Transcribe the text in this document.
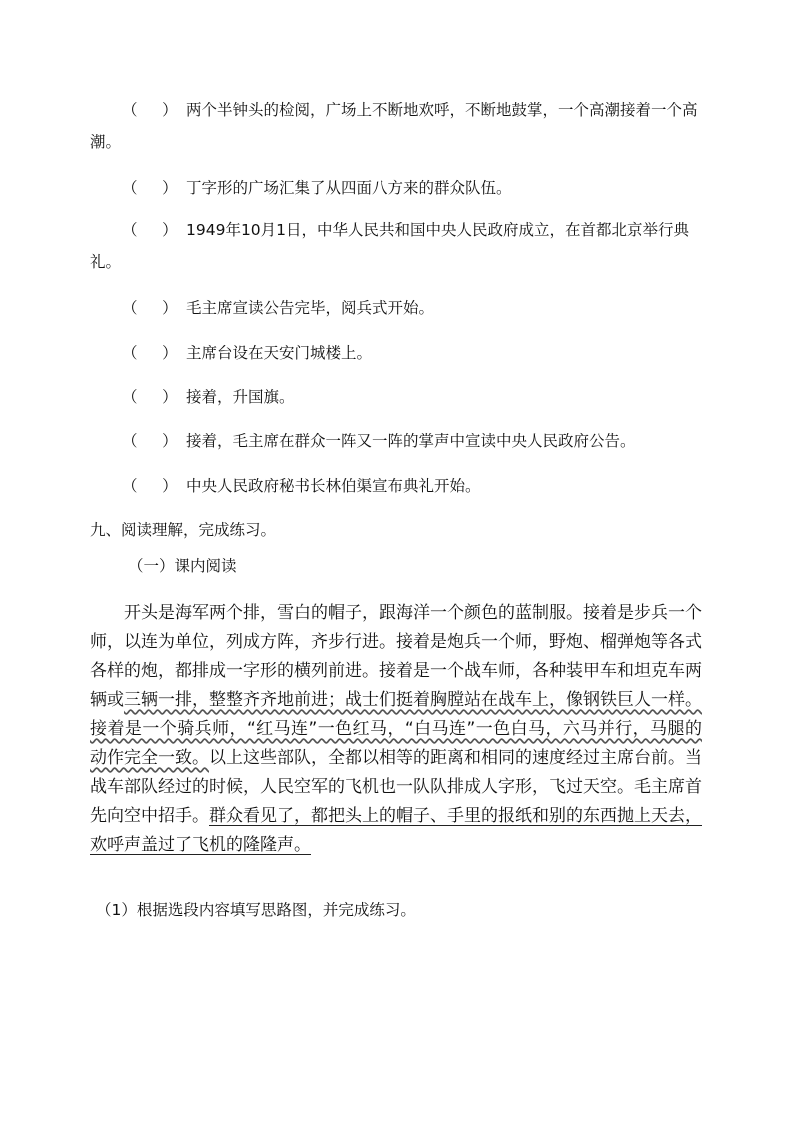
（     ） 两个半钟头的检阅，广场上不断地欢呼，不断地鼓掌，一个高潮接着一个高潮。

（     ） 丁字形的广场汇集了从四面八方来的群众队伍。

（     ） 1949年10月1日，中华人民共和国中央人民政府成立，在首都北京举行典礼。

（     ） 毛主席宣读公告完毕，阅兵式开始。

（     ） 主席台设在天安门城楼上。

（     ） 接着，升国旗。

（     ） 接着，毛主席在群众一阵又一阵的掌声中宣读中央人民政府公告。

（     ） 中央人民政府秘书长林伯渠宣布典礼开始。

九、阅读理解，完成练习。

（一）课内阅读

开头是海军两个排，雪白的帽子，跟海洋一个颜色的蓝制服。接着是步兵一个师，以连为单位，列成方阵，齐步行进。接着是炮兵一个师，野炮、榴弹炮等各式各样的炮，都排成一字形的横列前进。接着是一个战车师，各种装甲车和坦克车两辆或三辆一排，整整齐齐地前进；战士们挺着胸膛站在战车上，像钢铁巨人一样。接着是一个骑兵师，“红马连”一色红马，“白马连”一色白马，六马并行，马腿的动作完全一致。以上这些部队，全都以相等的距离和相同的速度经过主席台前。当战车部队经过的时候，人民空军的飞机也一队队排成人字形，飞过天空。毛主席首先向空中招手。群众看见了，都把头上的帽子、手里的报纸和别的东西抛上天去，欢呼声盖过了飞机的隆隆声。

（1）根据选段内容填写思路图，并完成练习。
